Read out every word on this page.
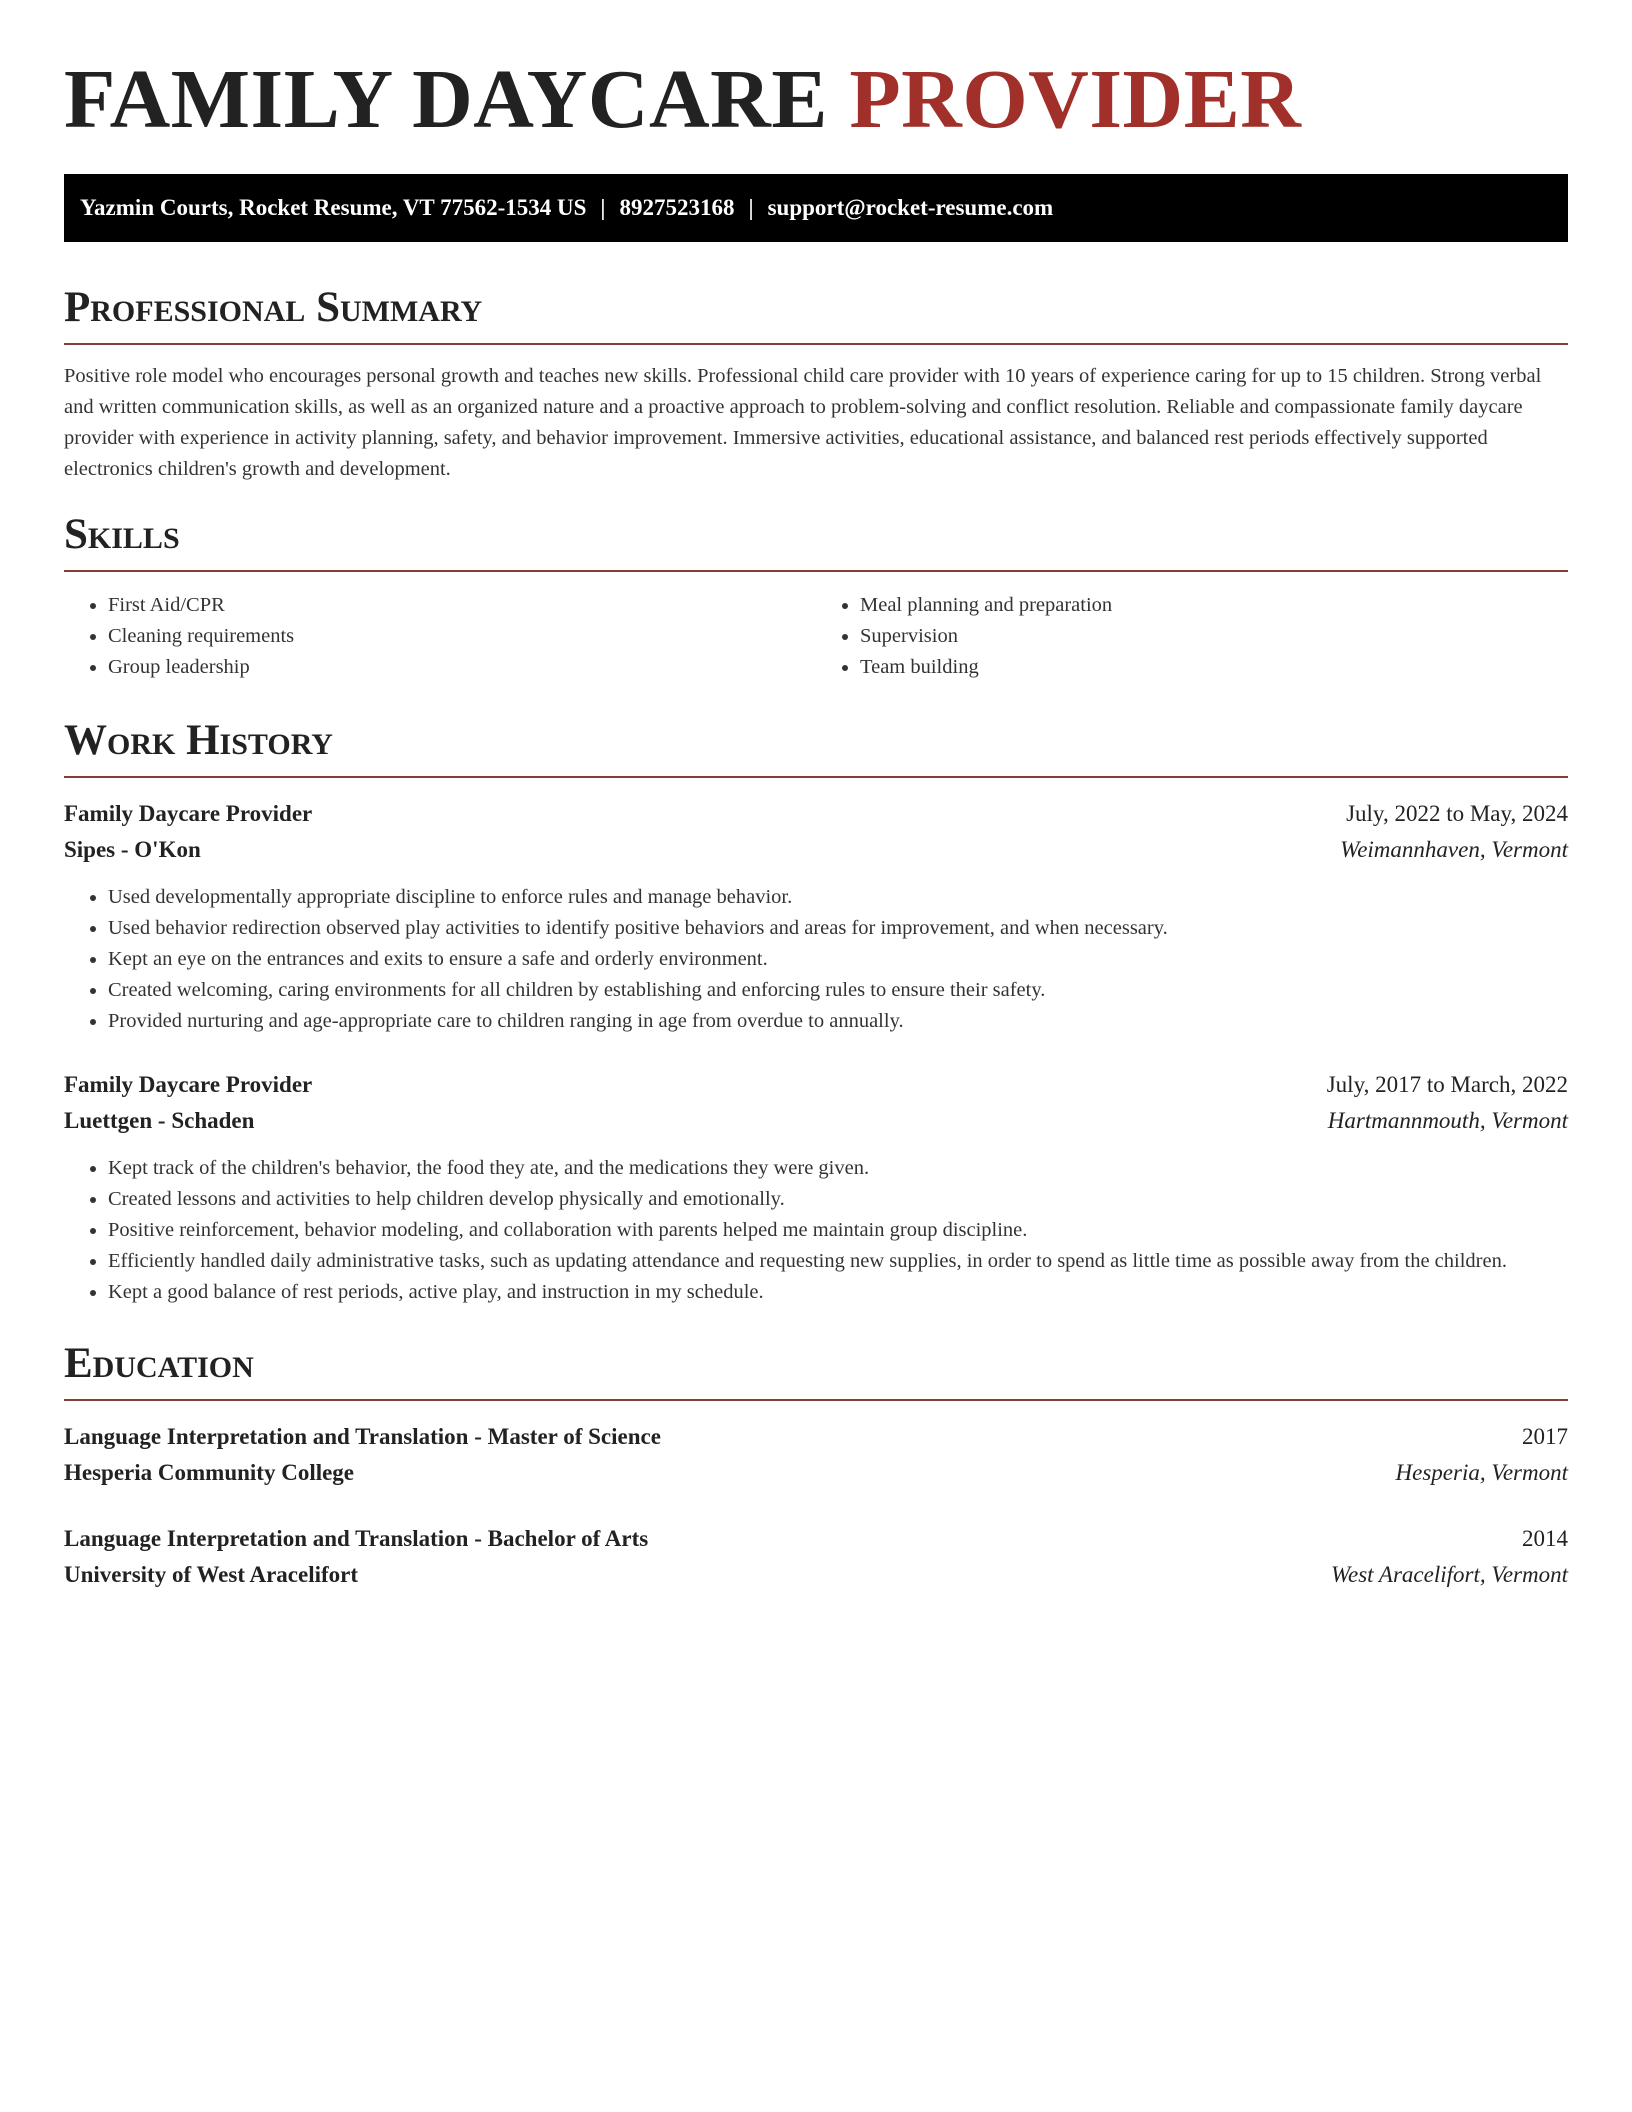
FAMILY DAYCARE PROVIDER
Yazmin Courts, Rocket Resume, VT 77562-1534 US | 8927523168 | support@rocket-resume.com
Professional Summary

Positive role model who encourages personal growth and teaches new skills. Professional child care provider with 10 years of experience caring for up to 15 children. Strong verbal and written communication skills, as well as an organized nature and a proactive approach to problem-solving and conflict resolution. Reliable and compassionate family daycare provider with experience in activity planning, safety, and behavior improvement. Immersive activities, educational assistance, and balanced rest periods effectively supported electronics children's growth and development.

Skills
• First Aid/CPR
• Cleaning requirements
• Group leadership
• Meal planning and preparation
• Supervision
• Team building
Work History
Family Daycare Provider	July, 2022 to May, 2024
Sipes - O'Kon	Weimannhaven, Vermont
• Used developmentally appropriate discipline to enforce rules and manage behavior.
• Used behavior redirection observed play activities to identify positive behaviors and areas for improvement, and when necessary.
• Kept an eye on the entrances and exits to ensure a safe and orderly environment.
• Created welcoming, caring environments for all children by establishing and enforcing rules to ensure their safety.
• Provided nurturing and age-appropriate care to children ranging in age from overdue to annually.
Family Daycare Provider	July, 2017 to March, 2022
Luettgen - Schaden	Hartmannmouth, Vermont
• Kept track of the children's behavior, the food they ate, and the medications they were given.
• Created lessons and activities to help children develop physically and emotionally.
• Positive reinforcement, behavior modeling, and collaboration with parents helped me maintain group discipline.
• Efficiently handled daily administrative tasks, such as updating attendance and requesting new supplies, in order to spend as little time as possible away from the children.
• Kept a good balance of rest periods, active play, and instruction in my schedule.
Education
Language Interpretation and Translation - Master of Science	2017
Hesperia Community College	Hesperia, Vermont
Language Interpretation and Translation - Bachelor of Arts	2014
University of West Aracelifort	West Aracelifort, Vermont
